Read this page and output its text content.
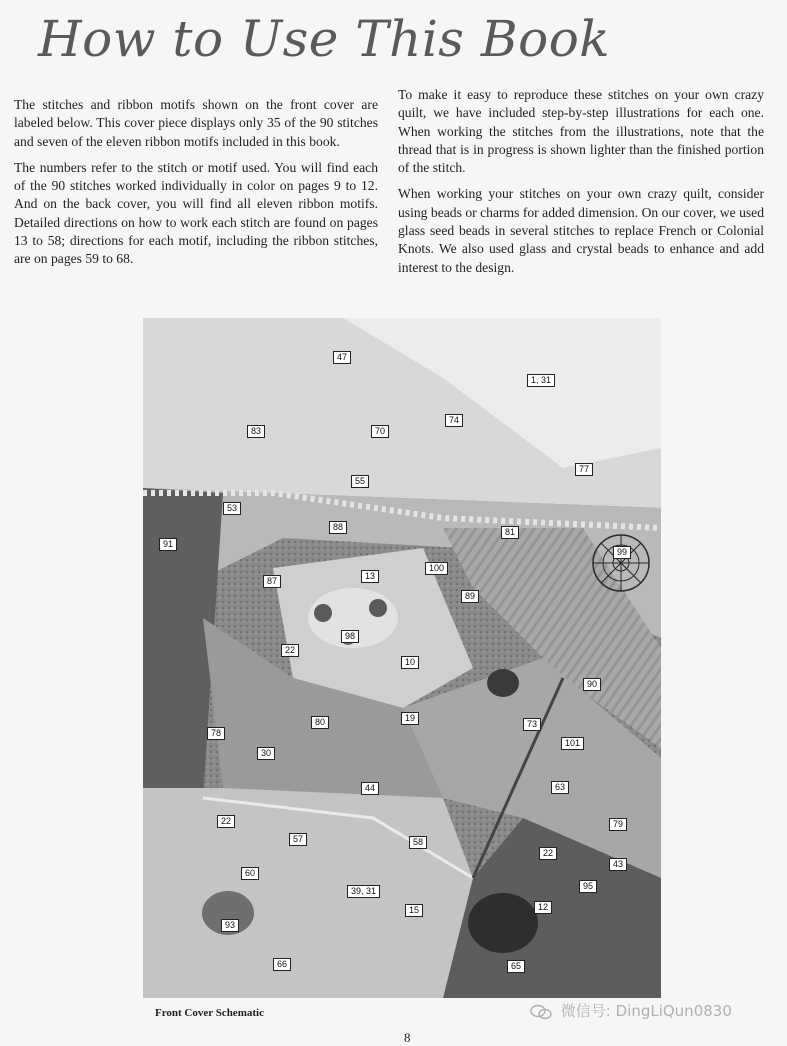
How to Use This Book

The stitches and ribbon motifs shown on the front cover are labeled below. This cover piece displays only 35 of the 90 stitches and seven of the eleven ribbon motifs included in this book.

The numbers refer to the stitch or motif used. You will find each of the 90 stitches worked individually in color on pages 9 to 12. And on the back cover, you will find all eleven ribbon motifs. Detailed directions on how to work each stitch are found on pages 13 to 58; directions for each motif, including the ribbon stitches, are on pages 59 to 68.

To make it easy to reproduce these stitches on your own crazy quilt, we have included step-by-step illustrations for each one. When working the stitches from the illustrations, note that the thread that is in progress is shown lighter than the finished portion of the stitch.

When working your stitches on your own crazy quilt, consider using beads or charms for added dimension. On our cover, we used glass seed beads in several stitches to replace French or Colonial Knots. We also used glass and crystal beads to enhance and add interest to the design.

47
1, 31
83	70
74
77
55
53
91
88	81
99
87	13
100
89
98
22
10
90
80	19
73
78
30
101
44	63
22	79
57	58
22
43
60
39, 31	95
15	12
93
66	65
Front Cover Schematic	微信号: DingLiQun0830
8
